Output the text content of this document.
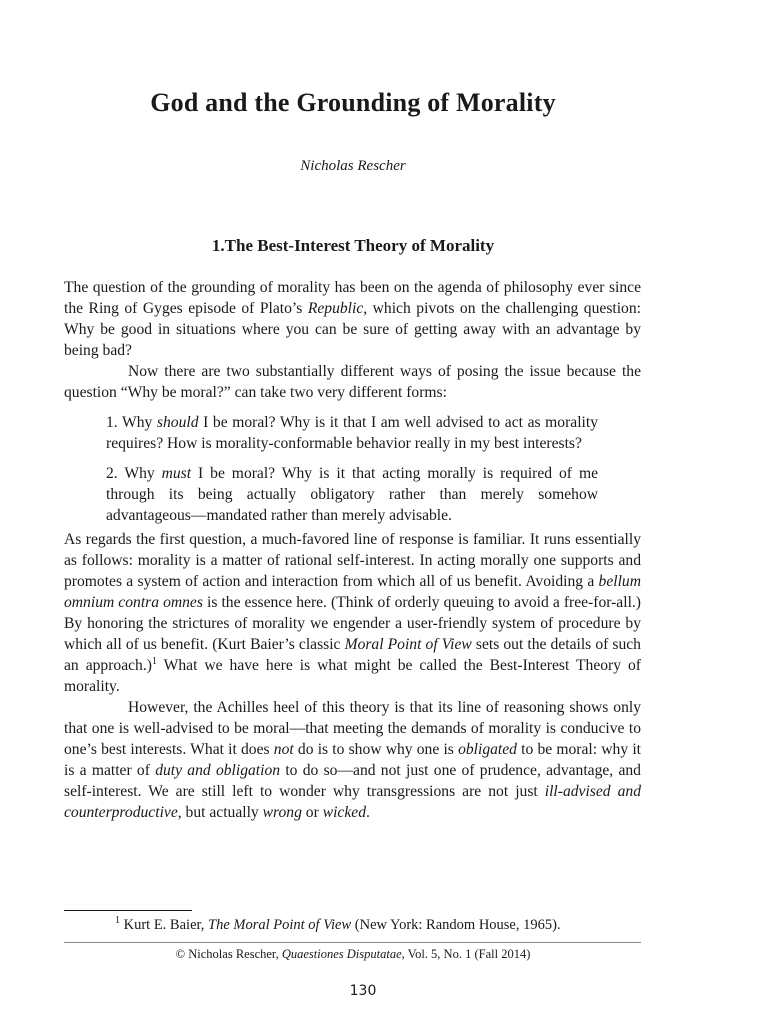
God and the Grounding of Morality
Nicholas Rescher
1.The Best-Interest Theory of Morality

The question of the grounding of morality has been on the agenda of philosophy ever since the Ring of Gyges episode of Plato’s Republic, which pivots on the challenging question: Why be good in situations where you can be sure of getting away with an advantage by being bad?

Now there are two substantially different ways of posing the issue because the question “Why be moral?” can take two very different forms:

1. Why should I be moral? Why is it that I am well advised to act as morality requires? How is morality-conformable behavior really in my best interests?

2. Why must I be moral? Why is it that acting morally is required of me through its being actually obligatory rather than merely somehow advantageous—mandated rather than merely advisable.

As regards the first question, a much-favored line of response is familiar. It runs essentially as follows: morality is a matter of rational self-interest. In acting morally one supports and promotes a system of action and interaction from which all of us benefit. Avoiding a bellum omnium contra omnes is the essence here. (Think of orderly queuing to avoid a free-for-all.) By honoring the strictures of morality we engender a user-friendly system of procedure by which all of us benefit. (Kurt Baier’s classic Moral Point of View sets out the details of such an approach.)$^1$ What we have here is what might be called the Best-Interest Theory of morality.

However, the Achilles heel of this theory is that its line of reasoning shows only that one is well-advised to be moral—that meeting the demands of morality is conducive to one’s best interests. What it does not do is to show why one is obligated to be moral: why it is a matter of duty and obligation to do so—and not just one of prudence, advantage, and self-interest. We are still left to wonder why transgressions are not just ill-advised and counterproductive, but actually wrong or wicked.

$^1$ Kurt E. Baier, The Moral Point of View (New York: Random House, 1965).
© Nicholas Rescher, Quaestiones Disputatae, Vol. 5, No. 1 (Fall 2014)
130
